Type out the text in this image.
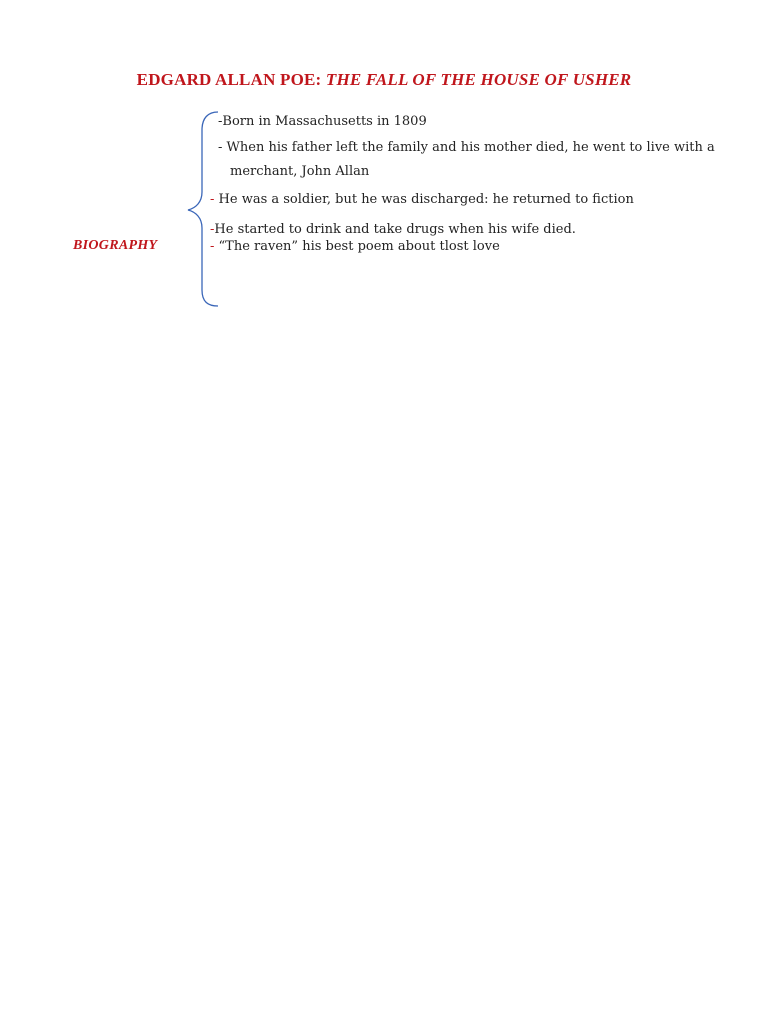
EDGARD ALLAN POE: THE FALL OF THE HOUSE OF USHER
BIOGRAPHY
-Born in Massachusetts in 1809
- When his father left the family and his mother died, he went to live with a
merchant, John Allan
- He was a soldier, but he was discharged: he returned to fiction
-He started to drink and take drugs when his wife died.
- “The raven” his best poem about tlost love
